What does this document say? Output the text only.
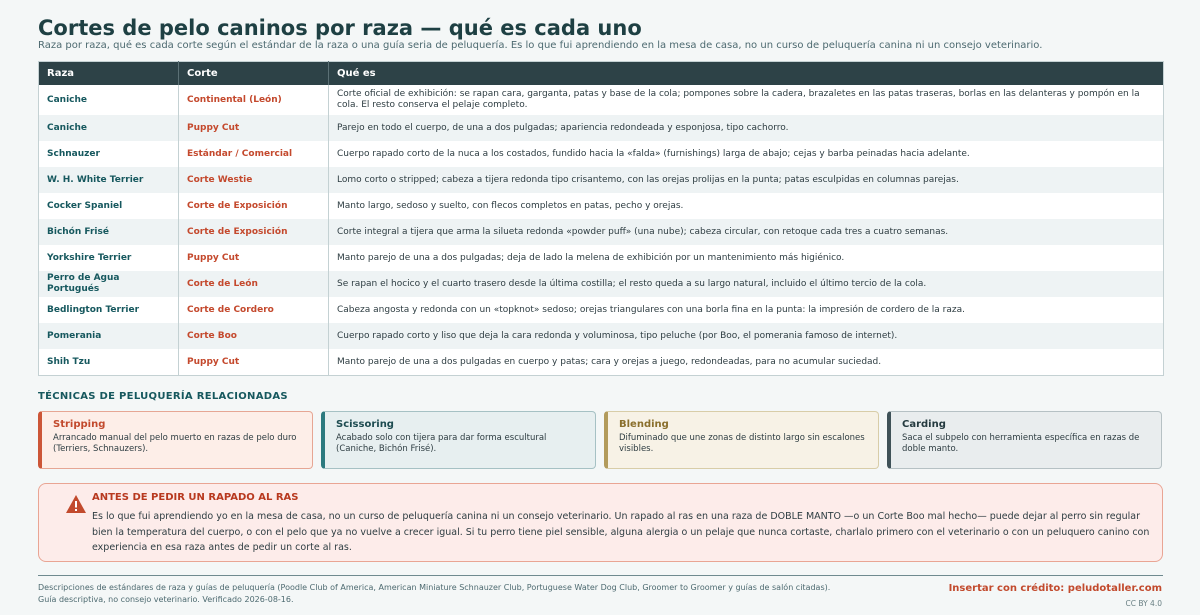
Cortes de pelo caninos por raza — qué es cada uno
Raza por raza, qué es cada corte según el estándar de la raza o una guía seria de peluquería. Es lo que fui aprendiendo en la mesa de casa, no un curso de peluquería canina ni un consejo veterinario.
Raza	Corte	Qué es
Caniche	Continental (León)	Corte oficial de exhibición: se rapan cara, garganta, patas y base de la cola; pompones sobre la cadera, brazaletes en las patas traseras, borlas en las delanteras y pompón en la cola. El resto conserva el pelaje completo.
Caniche	Puppy Cut	Parejo en todo el cuerpo, de una a dos pulgadas; apariencia redondeada y esponjosa, tipo cachorro.
Schnauzer	Estándar / Comercial	Cuerpo rapado corto de la nuca a los costados, fundido hacia la «falda» (furnishings) larga de abajo; cejas y barba peinadas hacia adelante.
W. H. White Terrier	Corte Westie	Lomo corto o stripped; cabeza a tijera redonda tipo crisantemo, con las orejas prolijas en la punta; patas esculpidas en columnas parejas.
Cocker Spaniel	Corte de Exposición	Manto largo, sedoso y suelto, con flecos completos en patas, pecho y orejas.
Bichón Frisé	Corte de Exposición	Corte integral a tijera que arma la silueta redonda «powder puff» (una nube); cabeza circular, con retoque cada tres a cuatro semanas.
Yorkshire Terrier	Puppy Cut	Manto parejo de una a dos pulgadas; deja de lado la melena de exhibición por un mantenimiento más higiénico.
Perro de Agua Portugués	Corte de León	Se rapan el hocico y el cuarto trasero desde la última costilla; el resto queda a su largo natural, incluido el último tercio de la cola.
Bedlington Terrier	Corte de Cordero	Cabeza angosta y redonda con un «topknot» sedoso; orejas triangulares con una borla fina en la punta: la impresión de cordero de la raza.
Pomerania	Corte Boo	Cuerpo rapado corto y liso que deja la cara redonda y voluminosa, tipo peluche (por Boo, el pomerania famoso de internet).
Shih Tzu	Puppy Cut	Manto parejo de una a dos pulgadas en cuerpo y patas; cara y orejas a juego, redondeadas, para no acumular suciedad.
TÉCNICAS DE PELUQUERÍA RELACIONADAS
Stripping
Arrancado manual del pelo muerto en razas de pelo duro (Terriers, Schnauzers).
Scissoring
Acabado solo con tijera para dar forma escultural (Caniche, Bichón Frisé).
Blending
Difuminado que une zonas de distinto largo sin escalones visibles.
Carding
Saca el subpelo con herramienta específica en razas de doble manto.
ANTES DE PEDIR UN RAPADO AL RAS
Es lo que fui aprendiendo yo en la mesa de casa, no un curso de peluquería canina ni un consejo veterinario. Un rapado al ras en una raza de DOBLE MANTO —o un Corte Boo mal hecho— puede dejar al perro sin regular bien la temperatura del cuerpo, o con el pelo que ya no vuelve a crecer igual. Si tu perro tiene piel sensible, alguna alergia o un pelaje que nunca cortaste, charlalo primero con el veterinario o con un peluquero canino con experiencia en esa raza antes de pedir un corte al ras.
Descripciones de estándares de raza y guías de peluquería (Poodle Club of America, American Miniature Schnauzer Club, Portuguese Water Dog Club, Groomer to Groomer y guías de salón citadas).
Guía descriptiva, no consejo veterinario. Verificado 2026-08-16.
Insertar con crédito: peludotaller.com
CC BY 4.0
